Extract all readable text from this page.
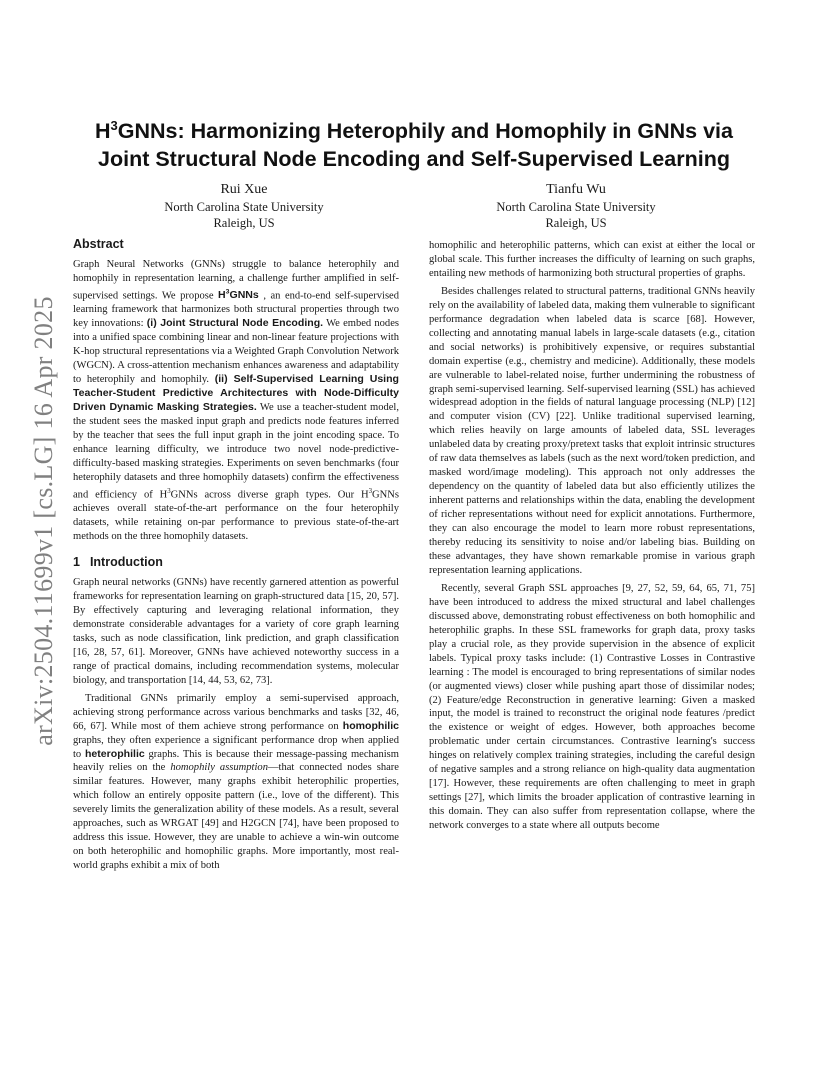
arXiv:2504.11699v1 [cs.LG] 16 Apr 2025
$H^3GNNs$: Harmonizing Heterophily and Homophily in GNNs via
Joint Structural Node Encoding and Self-Supervised Learning
Rui Xue
North Carolina State University
Raleigh, US
Tianfu Wu
North Carolina State University
Raleigh, US
Abstract

Graph Neural Networks (GNNs) struggle to balance heterophily and homophily in representation learning, a challenge further amplified in self-supervised settings. We propose $H^3GNNs$ , an end-to-end self-supervised learning framework that harmonizes both structural properties through two key innovations: (i) Joint Structural Node Encoding. We embed nodes into a unified space combining linear and non-linear feature projections with K-hop structural representations via a Weighted Graph Convolution Network (WGCN). A cross-attention mechanism enhances awareness and adaptability to heterophily and homophily. (ii) Self-Supervised Learning Using Teacher-Student Predictive Architectures with Node-Difficulty Driven Dynamic Masking Strategies. We use a teacher-student model, the student sees the masked input graph and predicts node features inferred by the teacher that sees the full input graph in the joint encoding space. To enhance learning difficulty, we introduce two novel node-predictive-difficulty-based masking strategies. Experiments on seven benchmarks (four heterophily datasets and three homophily datasets) confirm the effectiveness and efficiency of $H^3GNNs$ across diverse graph types. Our $H^3GNNs$ achieves overall state-of-the-art performance on the four heterophily datasets, while retaining on-par performance to previous state-of-the-art methods on the three homophily datasets.

1 Introduction

Graph neural networks (GNNs) have recently garnered attention as powerful frameworks for representation learning on graph-structured data [15, 20, 57]. By effectively capturing and leveraging relational information, they demonstrate considerable advantages for a variety of core graph learning tasks, such as node classification, link prediction, and graph classification [16, 28, 57, 61]. Moreover, GNNs have achieved noteworthy success in a range of practical domains, including recommendation systems, molecular biology, and transportation [14, 44, 53, 62, 73].

Traditional GNNs primarily employ a semi-supervised approach, achieving strong performance across various benchmarks and tasks [32, 46, 66, 67]. While most of them achieve strong performance on homophilic graphs, they often experience a significant performance drop when applied to heterophilic graphs. This is because their message-passing mechanism heavily relies on the homophily assumption—that connected nodes share similar features. However, many graphs exhibit heterophilic properties, which follow an entirely opposite pattern (i.e., love of the different). This severely limits the generalization ability of these models. As a result, several approaches, such as WRGAT [49] and H2GCN [74], have been proposed to address this issue. However, they are unable to achieve a win-win outcome on both heterophilic and homophilic graphs. More importantly, most real-world graphs exhibit a mix of both

homophilic and heterophilic patterns, which can exist at either the local or global scale. This further increases the difficulty of learning on such graphs, entailing new methods of harmonizing both structural properties of graphs.

Besides challenges related to structural patterns, traditional GNNs heavily rely on the availability of labeled data, making them vulnerable to significant performance degradation when labeled data is scarce [68]. However, collecting and annotating manual labels in large-scale datasets (e.g., citation and social networks) is prohibitively expensive, or requires substantial domain expertise (e.g., chemistry and medicine). Additionally, these models are vulnerable to label-related noise, further undermining the robustness of graph semi-supervised learning. Self-supervised learning (SSL) has achieved widespread adoption in the fields of natural language processing (NLP) [12] and computer vision (CV) [22]. Unlike traditional supervised learning, which relies heavily on large amounts of labeled data, SSL leverages unlabeled data by creating proxy/pretext tasks that exploit intrinsic structures of raw data themselves as labels (such as the next word/token prediction, and masked word/image modeling). This approach not only addresses the dependency on the quantity of labeled data but also efficiently utilizes the inherent patterns and relationships within the data, enabling the development of richer representations without need for explicit annotations. Furthermore, they can also encourage the model to learn more robust representations, thereby reducing its sensitivity to noise and/or labeling bias. Building on these advantages, they have shown remarkable promise in various graph representation learning applications.

Recently, several Graph SSL approaches [9, 27, 52, 59, 64, 65, 71, 75] have been introduced to address the mixed structural and label challenges discussed above, demonstrating robust effectiveness on both homophilic and heterophilic graphs. In these SSL frameworks for graph data, proxy tasks play a crucial role, as they provide supervision in the absence of explicit labels. Typical proxy tasks include: (1) Contrastive Losses in Contrastive learning : The model is encouraged to bring representations of similar nodes (or augmented views) closer while pushing apart those of dissimilar nodes; (2) Feature/edge Reconstruction in generative learning: Given a masked input, the model is trained to reconstruct the original node features /predict the existence or weight of edges. However, both approaches become problematic under certain circumstances. Contrastive learning's success hinges on relatively complex training strategies, including the careful design of negative samples and a strong reliance on high-quality data augmentation [17]. However, these requirements are often challenging to meet in graph settings [27], which limits the broader application of contrastive learning in this domain. They can also suffer from representation collapse, where the network converges to a state where all outputs become
